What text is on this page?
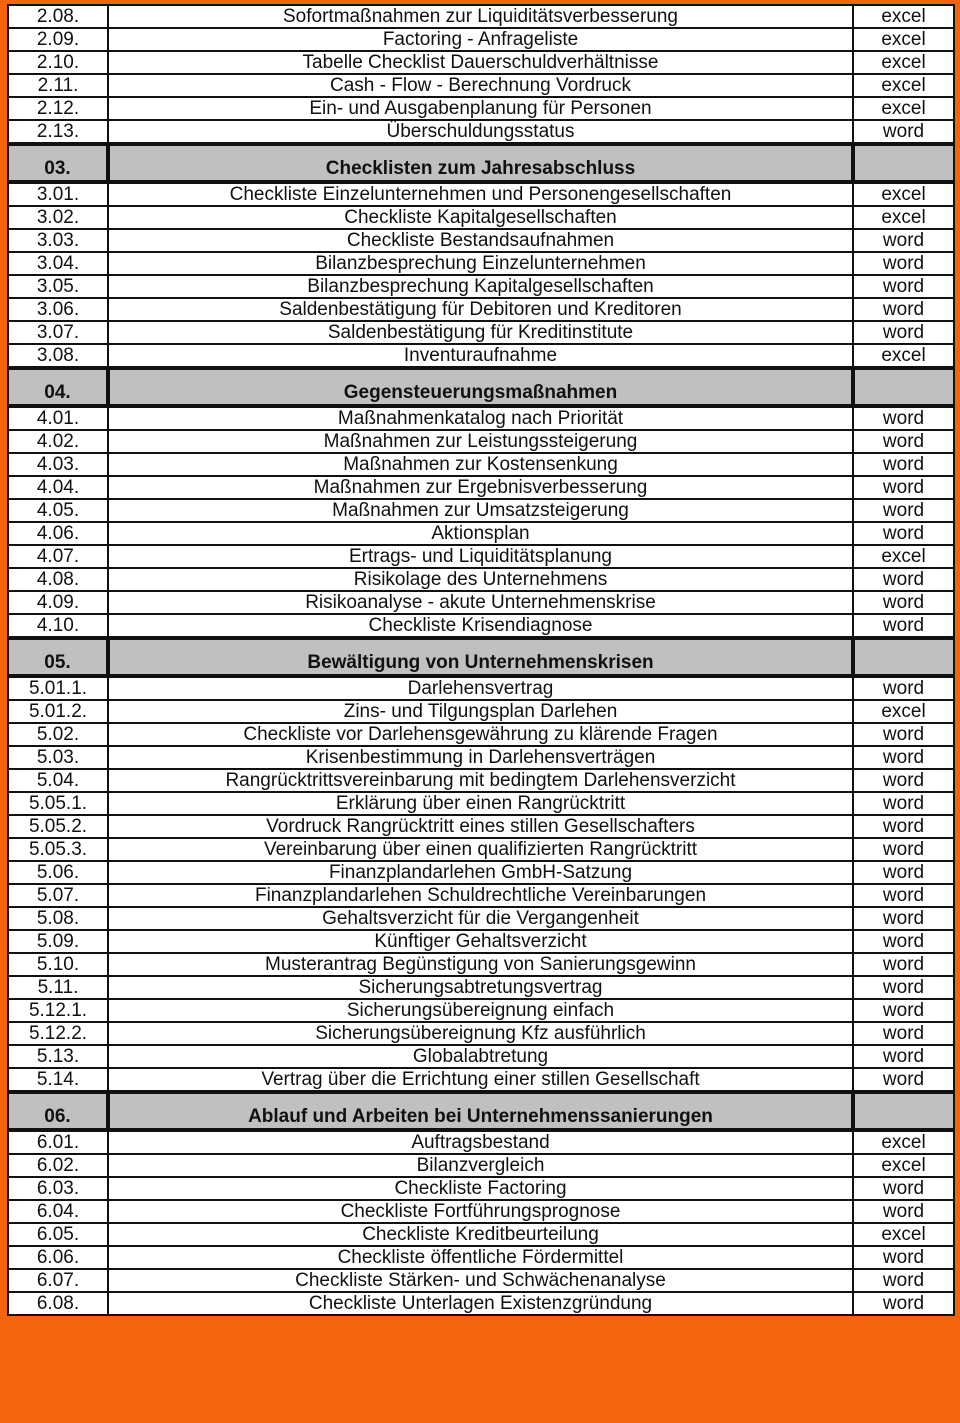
2.08.	Sofortmaßnahmen zur Liquiditätsverbesserung	excel
2.09.	Factoring - Anfrageliste	excel
2.10.	Tabelle Checklist Dauerschuldverhältnisse	excel
2.11.	Cash - Flow - Berechnung Vordruck	excel
2.12.	Ein- und Ausgabenplanung für Personen	excel
2.13.	Überschuldungsstatus	word
03.	Checklisten zum Jahresabschluss	
3.01.	Checkliste Einzelunternehmen und Personengesellschaften	excel
3.02.	Checkliste Kapitalgesellschaften	excel
3.03.	Checkliste Bestandsaufnahmen	word
3.04.	Bilanzbesprechung Einzelunternehmen	word
3.05.	Bilanzbesprechung Kapitalgesellschaften	word
3.06.	Saldenbestätigung für Debitoren und Kreditoren	word
3.07.	Saldenbestätigung für Kreditinstitute	word
3.08.	Inventuraufnahme	excel
04.	Gegensteuerungsmaßnahmen	
4.01.	Maßnahmenkatalog nach Priorität	word
4.02.	Maßnahmen zur Leistungssteigerung	word
4.03.	Maßnahmen zur Kostensenkung	word
4.04.	Maßnahmen zur Ergebnisverbesserung	word
4.05.	Maßnahmen zur Umsatzsteigerung	word
4.06.	Aktionsplan	word
4.07.	Ertrags- und Liquiditätsplanung	excel
4.08.	Risikolage des Unternehmens	word
4.09.	Risikoanalyse - akute Unternehmenskrise	word
4.10.	Checkliste Krisendiagnose	word
05.	Bewältigung von Unternehmenskrisen	
5.01.1.	Darlehensvertrag	word
5.01.2.	Zins- und Tilgungsplan Darlehen	excel
5.02.	Checkliste vor Darlehensgewährung zu klärende Fragen	word
5.03.	Krisenbestimmung in Darlehensverträgen	word
5.04.	Rangrücktrittsvereinbarung mit bedingtem Darlehensverzicht	word
5.05.1.	Erklärung über einen Rangrücktritt	word
5.05.2.	Vordruck Rangrücktritt eines stillen Gesellschafters	word
5.05.3.	Vereinbarung über einen qualifizierten Rangrücktritt	word
5.06.	Finanzplandarlehen GmbH-Satzung	word
5.07.	Finanzplandarlehen Schuldrechtliche Vereinbarungen	word
5.08.	Gehaltsverzicht für die Vergangenheit	word
5.09.	Künftiger Gehaltsverzicht	word
5.10.	Musterantrag Begünstigung von Sanierungsgewinn	word
5.11.	Sicherungsabtretungsvertrag	word
5.12.1.	Sicherungsübereignung einfach	word
5.12.2.	Sicherungsübereignung Kfz ausführlich	word
5.13.	Globalabtretung	word
5.14.	Vertrag über die Errichtung einer stillen Gesellschaft	word
06.	Ablauf und Arbeiten bei Unternehmenssanierungen	
6.01.	Auftragsbestand	excel
6.02.	Bilanzvergleich	excel
6.03.	Checkliste Factoring	word
6.04.	Checkliste Fortführungsprognose	word
6.05.	Checkliste Kreditbeurteilung	excel
6.06.	Checkliste öffentliche Fördermittel	word
6.07.	Checkliste Stärken- und Schwächenanalyse	word
6.08.	Checkliste Unterlagen Existenzgründung	word
